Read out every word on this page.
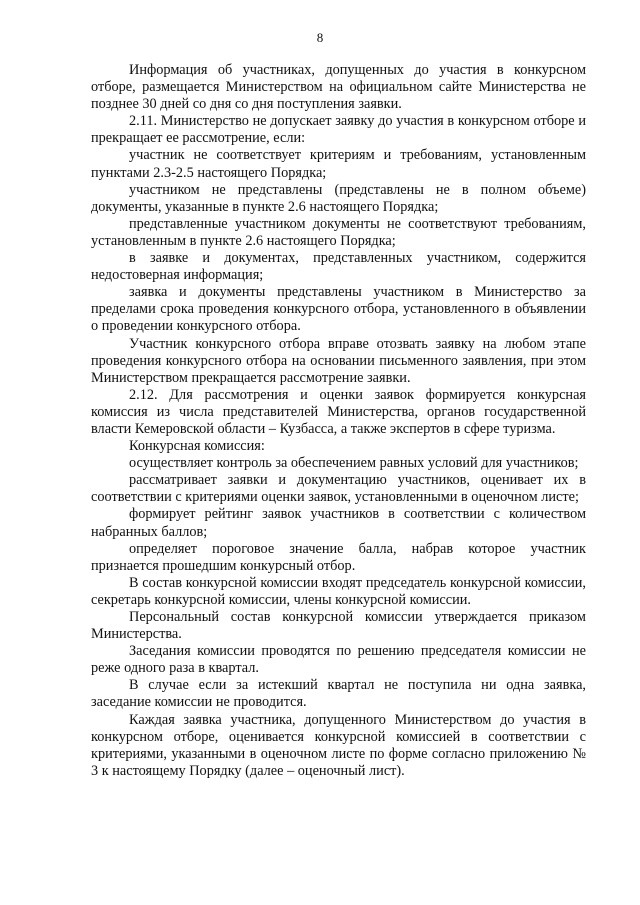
8

Информация об участниках, допущенных до участия в конкурсном отборе, размещается Министерством на официальном сайте Министерства не позднее 30 дней со дня со дня поступления заявки.

2.11. Министерство не допускает заявку до участия в конкурсном отборе и прекращает ее рассмотрение, если:

участник не соответствует критериям и требованиям, установленным пунктами 2.3-2.5 настоящего Порядка;

участником не представлены (представлены не в полном объеме) документы, указанные в пункте 2.6 настоящего Порядка;

представленные участником документы не соответствуют требованиям, установленным в пункте 2.6 настоящего Порядка;

в заявке и документах, представленных участником, содержится недостоверная информация;

заявка и документы представлены участником в Министерство за пределами срока проведения конкурсного отбора, установленного в объявлении о проведении конкурсного отбора.

Участник конкурсного отбора вправе отозвать заявку на любом этапе проведения конкурсного отбора на основании письменного заявления, при этом Министерством прекращается рассмотрение заявки.

2.12. Для рассмотрения и оценки заявок формируется конкурсная комиссия из числа представителей Министерства, органов государственной власти Кемеровской области – Кузбасса, а также экспертов в сфере туризма.

Конкурсная комиссия:

осуществляет контроль за обеспечением равных условий для участников;

рассматривает заявки и документацию участников, оценивает их в соответствии с критериями оценки заявок, установленными в оценочном листе;

формирует рейтинг заявок участников в соответствии с количеством набранных баллов;

определяет пороговое значение балла, набрав которое участник признается прошедшим конкурсный отбор.

В состав конкурсной комиссии входят председатель конкурсной комиссии, секретарь конкурсной комиссии, члены конкурсной комиссии.

Персональный состав конкурсной комиссии утверждается приказом Министерства.

Заседания комиссии проводятся по решению председателя комиссии не реже одного раза в квартал.

В случае если за истекший квартал не поступила ни одна заявка, заседание комиссии не проводится.

Каждая заявка участника, допущенного Министерством до участия в конкурсном отборе, оценивается конкурсной комиссией в соответствии с критериями, указанными в оценочном листе по форме согласно приложению № 3 к настоящему Порядку (далее – оценочный лист).
